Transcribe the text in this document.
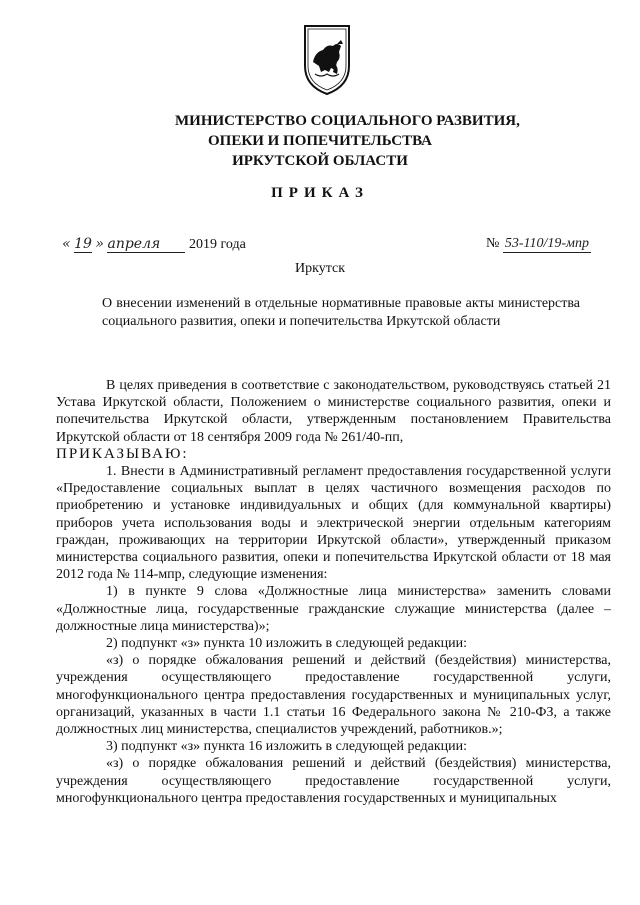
МИНИСТЕРСТВО СОЦИАЛЬНОГО РАЗВИТИЯ,
ОПЕКИ И ПОПЕЧИТЕЛЬСТВА
ИРКУТСКОЙ ОБЛАСТИ
ПРИКАЗ
« 19 » апреля 2019 года	№ 53-110/19-мпр
Иркутск
О внесении изменений в отдельные нормативные правовые акты министерства социального развития, опеки и попечительства Иркутской области

В целях приведения в соответствие с законодательством, руководствуясь статьей 21 Устава Иркутской области, Положением о министерстве социального развития, опеки и попечительства Иркутской области, утвержденным постановлением Правительства Иркутской области от 18 сентября 2009 года № 261/40-пп,

ПРИКАЗЫВАЮ:

1. Внести в Административный регламент предоставления государственной услуги «Предоставление социальных выплат в целях частичного возмещения расходов по приобретению и установке индивидуальных и общих (для коммунальной квартиры) приборов учета использования воды и электрической энергии отдельным категориям граждан, проживающих на территории Иркутской области», утвержденный приказом министерства социального развития, опеки и попечительства Иркутской области от 18 мая 2012 года № 114-мпр, следующие изменения:

1) в пункте 9 слова «Должностные лица министерства» заменить словами «Должностные лица, государственные гражданские служащие министерства (далее – должностные лица министерства)»;

2) подпункт «з» пункта 10 изложить в следующей редакции:

«з) о порядке обжалования решений и действий (бездействия) министерства, учреждения осуществляющего предоставление государственной услуги, многофункционального центра предоставления государственных и муниципальных услуг, организаций, указанных в части 1.1 статьи 16 Федерального закона № 210-ФЗ, а также должностных лиц министерства, специалистов учреждений, работников.»;

3) подпункт «з» пункта 16 изложить в следующей редакции:

«з) о порядке обжалования решений и действий (бездействия) министерства, учреждения осуществляющего предоставление государственной услуги, многофункционального центра предоставления государственных и муниципальных
